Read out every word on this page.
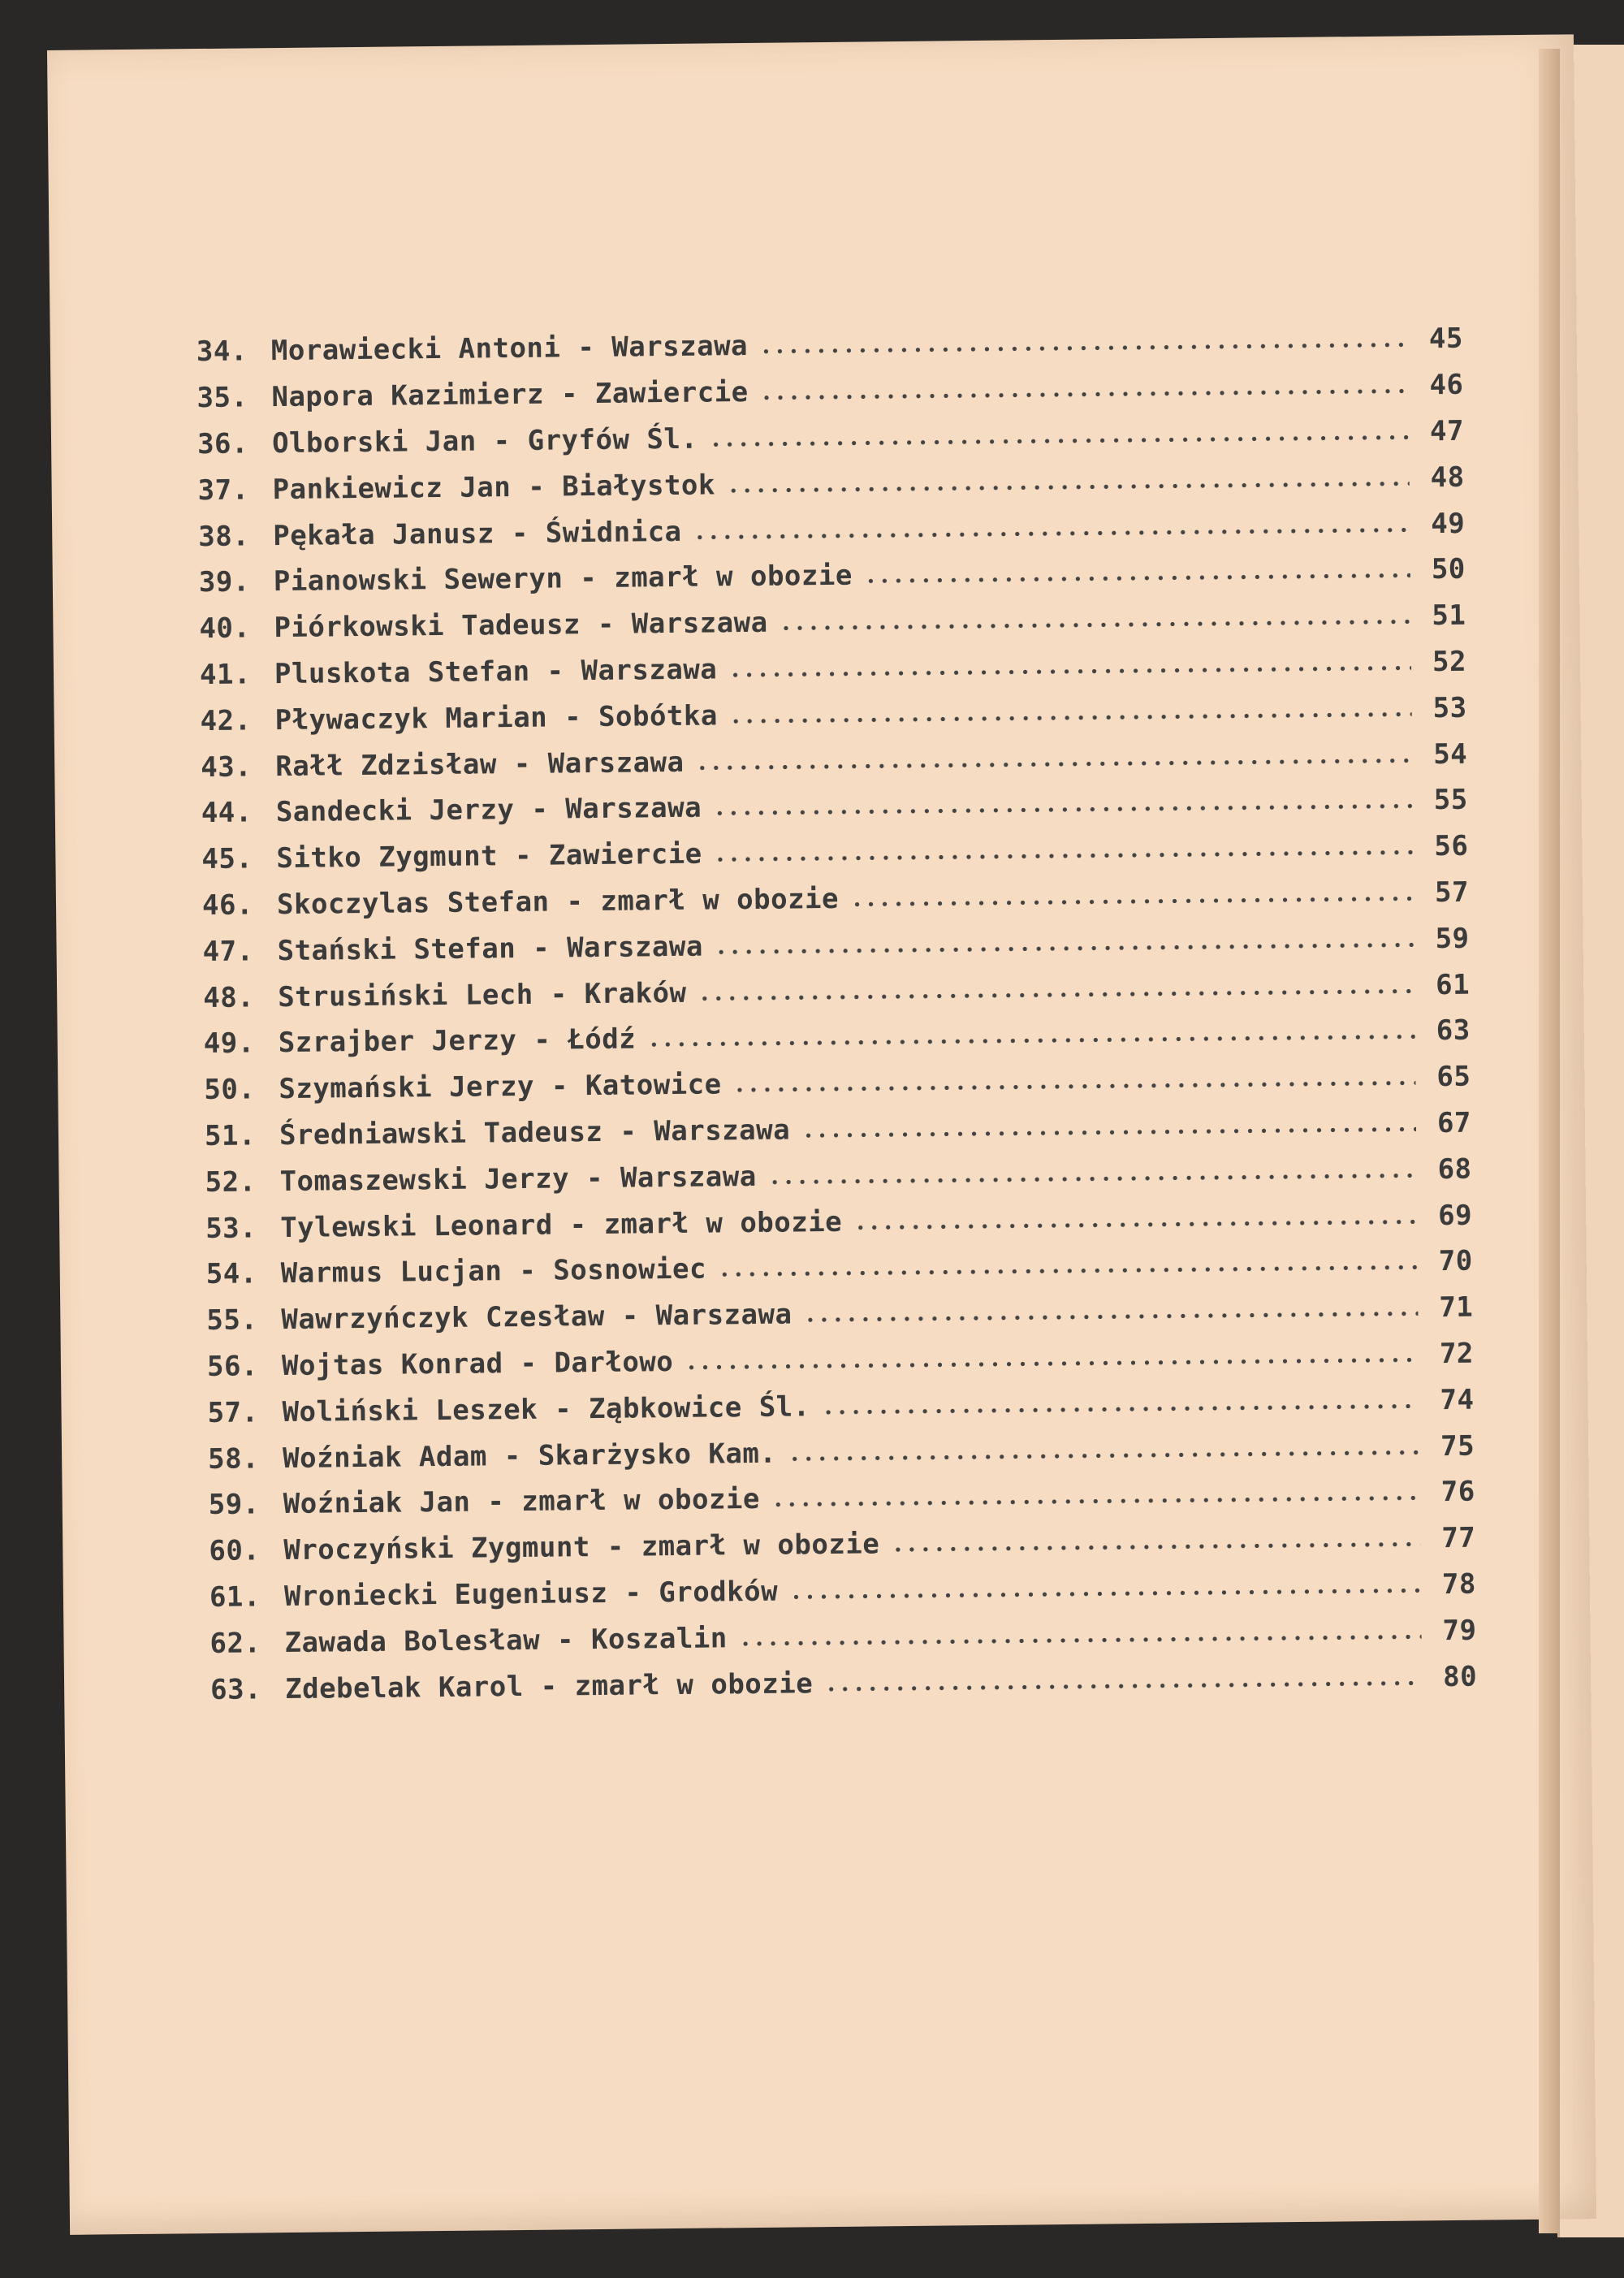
34. Morawiecki Antoni - Warszawa	45
35. Napora Kazimierz - Zawiercie	46
36. Olborski Jan - Gryfów Śl.	47
37. Pankiewicz Jan - Białystok	48
38. Pękała Janusz - Świdnica	49
39. Pianowski Seweryn - zmarł w obozie	50
40. Piórkowski Tadeusz - Warszawa	51
41. Pluskota Stefan - Warszawa	52
42. Pływaczyk Marian - Sobótka	53
43. Rałł Zdzisław - Warszawa	54
44. Sandecki Jerzy - Warszawa	55
45. Sitko Zygmunt - Zawiercie	56
46. Skoczylas Stefan - zmarł w obozie	57
47. Stański Stefan - Warszawa	59
48. Strusiński Lech - Kraków	61
49. Szrajber Jerzy - Łódź	63
50. Szymański Jerzy - Katowice	65
51. Średniawski Tadeusz - Warszawa	67
52. Tomaszewski Jerzy - Warszawa	68
53. Tylewski Leonard - zmarł w obozie	69
54. Warmus Lucjan - Sosnowiec	70
55. Wawrzyńczyk Czesław - Warszawa	71
56. Wojtas Konrad - Darłowo	72
57. Woliński Leszek - Ząbkowice Śl.	74
58. Woźniak Adam - Skarżysko Kam.	75
59. Woźniak Jan - zmarł w obozie	76
60. Wroczyński Zygmunt - zmarł w obozie	77
61. Wroniecki Eugeniusz - Grodków	78
62. Zawada Bolesław - Koszalin	79
63. Zdebelak Karol - zmarł w obozie	80
